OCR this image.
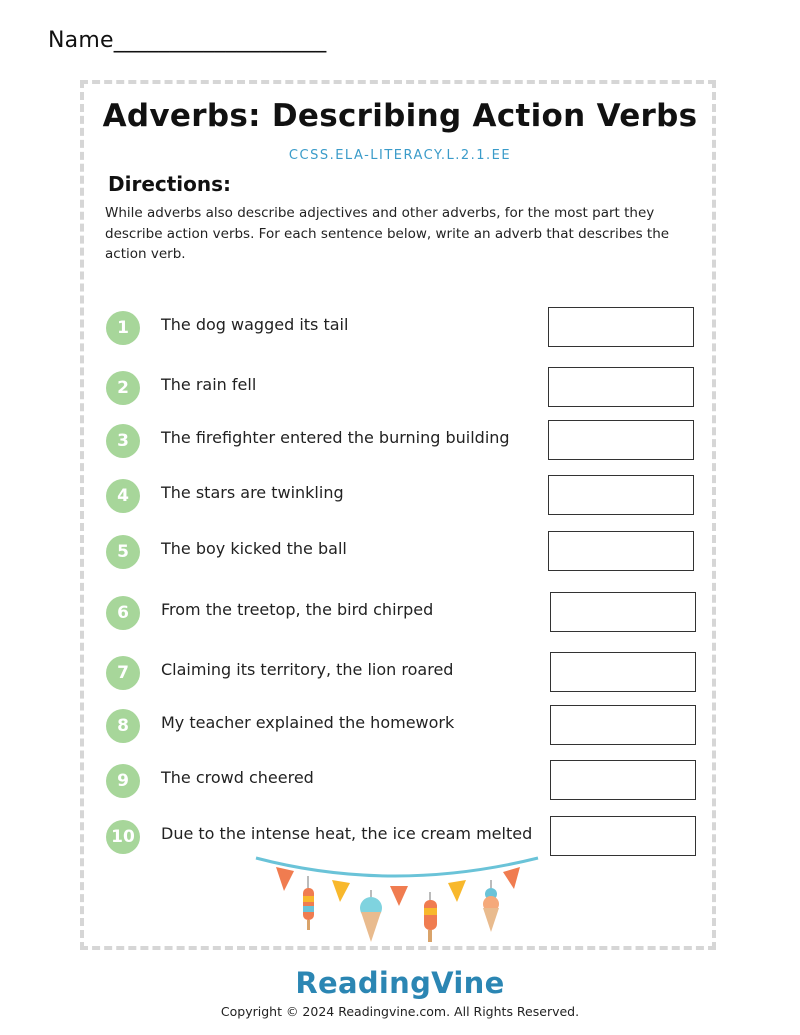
Name___________________
Adverbs: Describing Action Verbs
CCSS.ELA-LITERACY.L.2.1.EE
Directions:
While adverbs also describe adjectives and other adverbs, for the most part they describe action verbs. For each sentence below, write an adverb that describes the action verb.
1	The dog wagged its tail
2	The rain fell
3	The firefighter entered the burning building
4	The stars are twinkling
5	The boy kicked the ball
6	From the treetop, the bird chirped
7	Claiming its territory, the lion roared
8	My teacher explained the homework
9	The crowd cheered
10	Due to the intense heat, the ice cream melted
ReadingVine
Copyright © 2024 Readingvine.com. All Rights Reserved.
